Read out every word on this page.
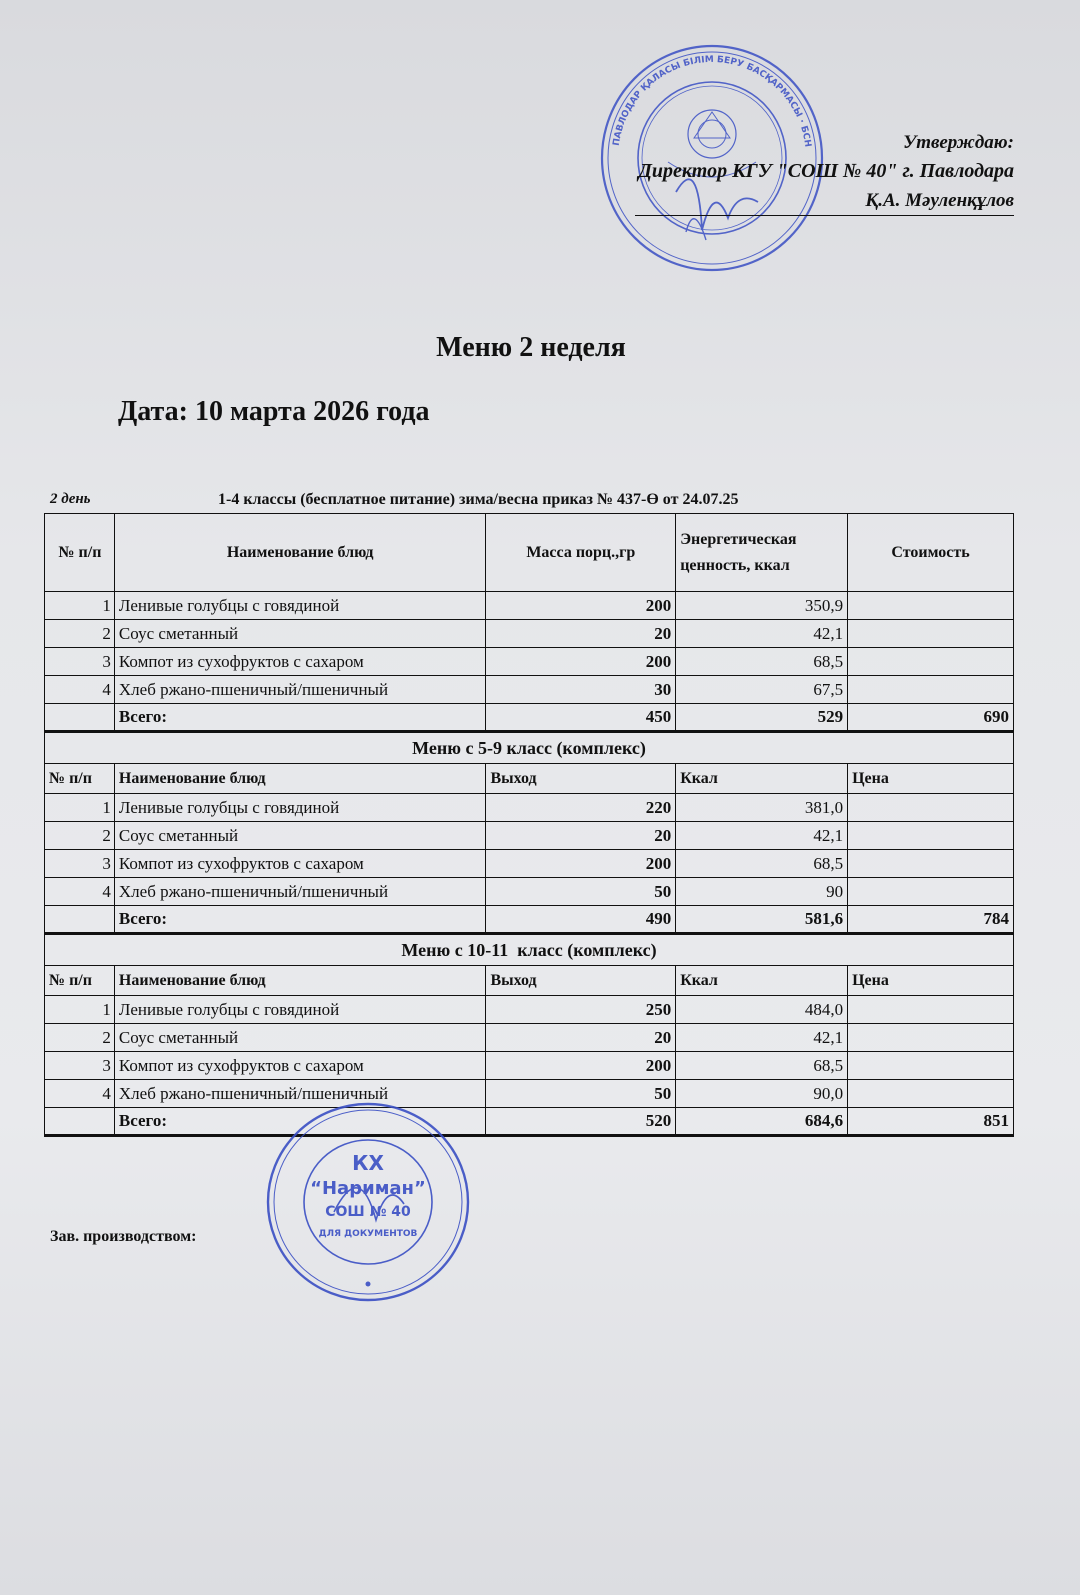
ПАВЛОДАР ҚАЛАСЫ БІЛІМ БЕРУ БАСҚАРМАСЫ · БСН	Утверждаю:
Директор КГУ "СОШ № 40" г. Павлодара
Қ.А. Мәуленқұлов
Меню 2 неделя
Дата: 10 марта 2026 года
2 день	1-4 классы (бесплатное питание) зима/весна приказ № 437-Ө от 24.07.25
№ п/п	Наименование блюд	Масса порц.,гр	Энергетическая ценность, ккал	Стоимость
1	Ленивые голубцы с говядиной	200	350,9	
2	Соус сметанный	20	42,1	
3	Компот из сухофруктов с сахаром	200	68,5	
4	Хлеб ржано-пшеничный/пшеничный	30	67,5	
	Всего:	450	529	690
Меню с 5-9 класс (комплекс)				
№ п/п	Наименование блюд	Выход	Ккал	Цена
1	Ленивые голубцы с говядиной	220	381,0	
2	Соус сметанный	20	42,1	
3	Компот из сухофруктов с сахаром	200	68,5	
4	Хлеб ржано-пшеничный/пшеничный	50	90	
	Всего:	490	581,6	784
Меню с 10-11  класс (комплекс)				
№ п/п	Наименование блюд	Выход	Ккал	Цена
1	Ленивые голубцы с говядиной	250	484,0	
2	Соус сметанный	20	42,1	
3	Компот из сухофруктов с сахаром	200	68,5	
4	Хлеб ржано-пшеничный/пшеничный	50	90,0	
	Всего:	520	684,6	851
КХ
“Нариман”
СОШ № 40
ДЛЯ ДОКУМЕНТОВ
Зав. производством:
